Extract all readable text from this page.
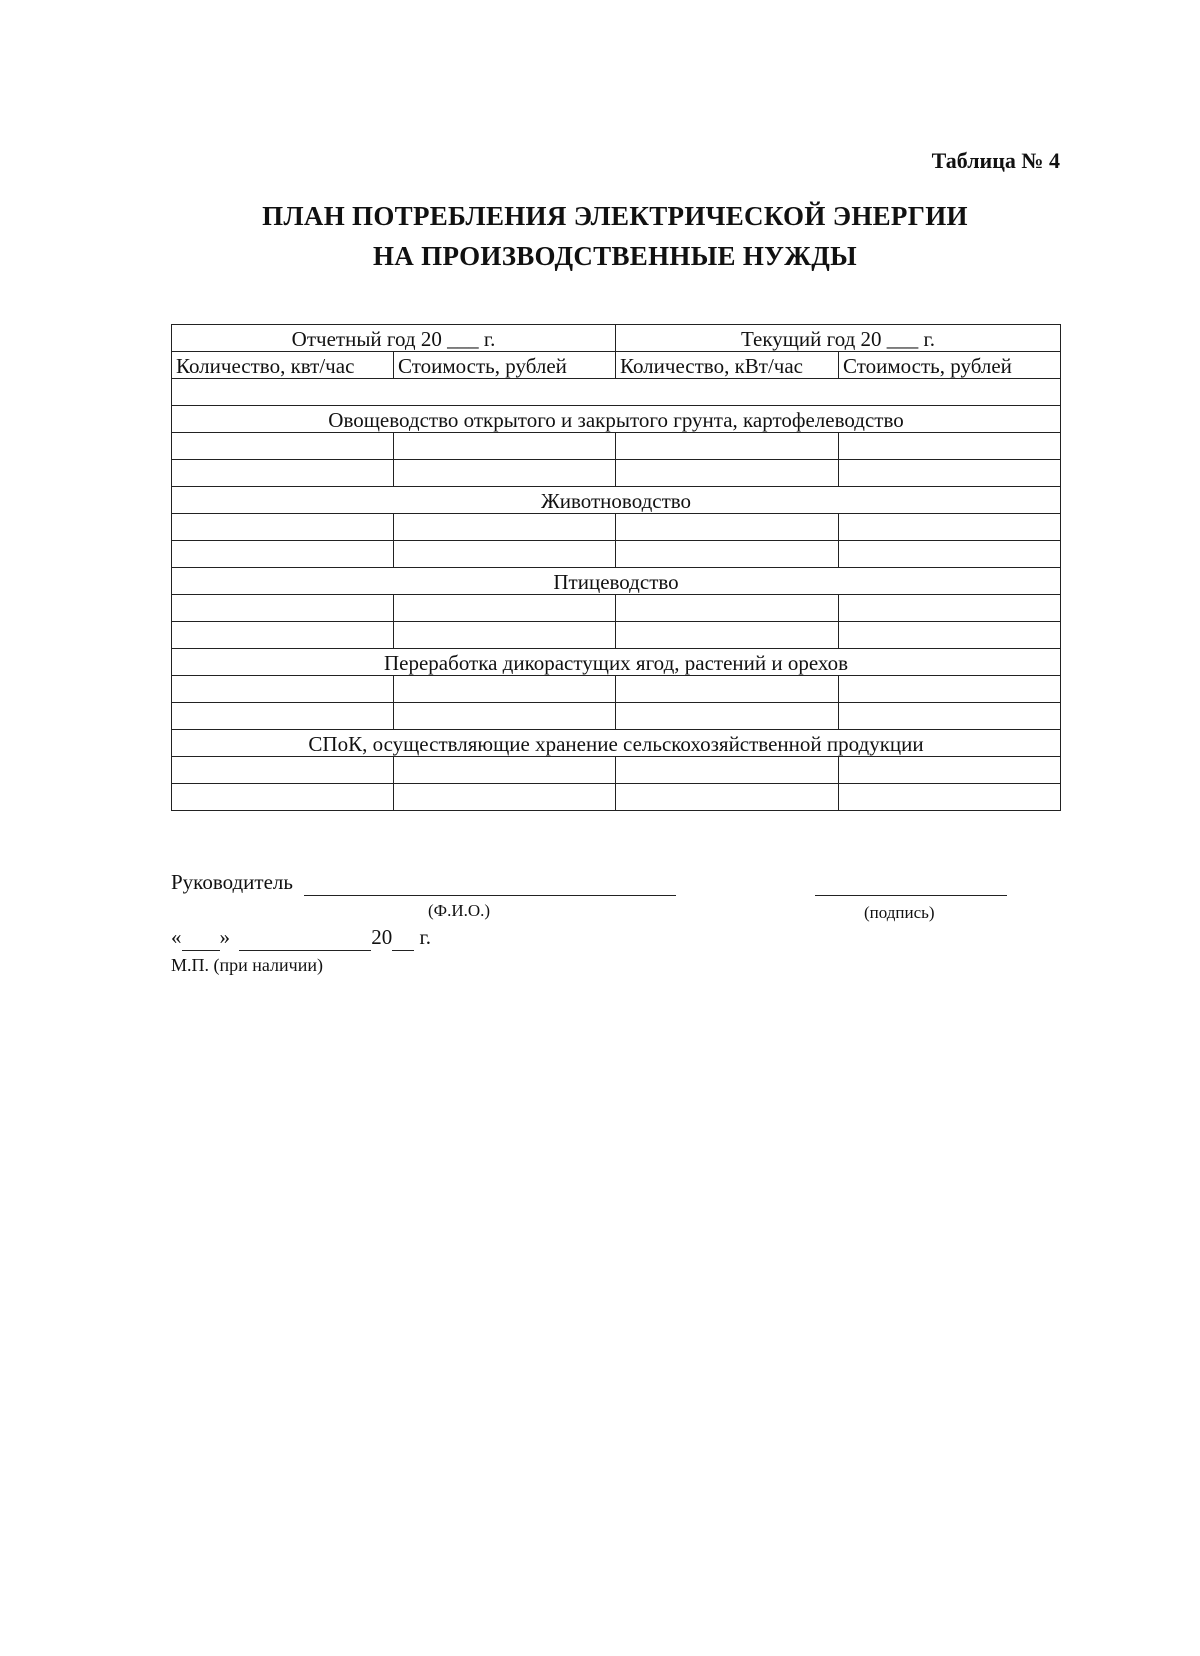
Таблица № 4
ПЛАН ПОТРЕБЛЕНИЯ ЭЛЕКТРИЧЕСКОЙ ЭНЕРГИИ
НА ПРОИЗВОДСТВЕННЫЕ НУЖДЫ
Отчетный год 20 ___ г.		Текущий год 20 ___ г.	
Количество, квт/час	Стоимость, рублей	Количество, кВт/час	Стоимость, рублей

Овощеводство открытого и закрытого грунта, картофелеводство			

Животноводство			

Птицеводство			

Переработка дикорастущих ягод, растений и орехов			

СПоК, осуществляющие хранение сельскохозяйственной продукции			

Руководитель

(Ф.И.О.)	(подпись)
« »	20 г.
М.П. (при наличии)
